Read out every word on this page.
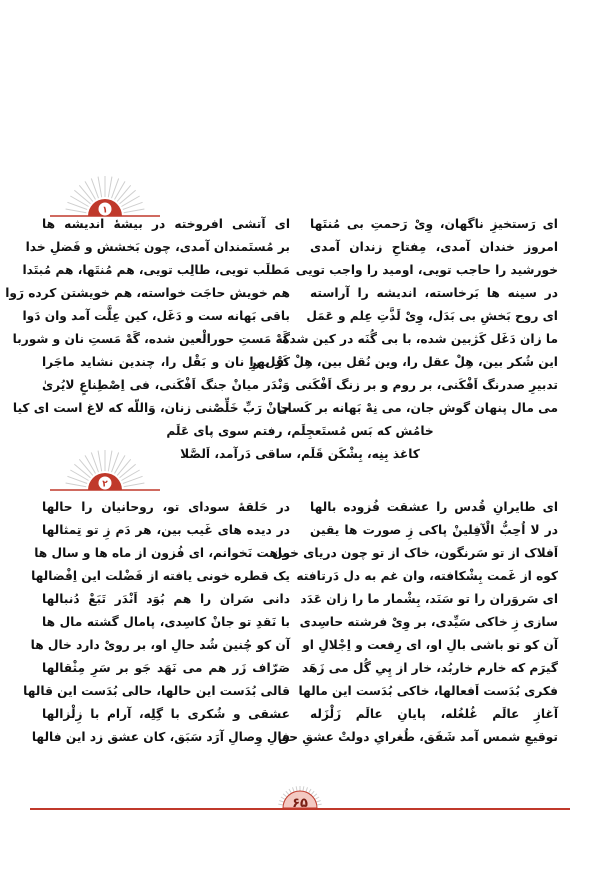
١
ای رَستخیزِ ناگهان، وِیْ رَحمتِ بی مُنتَها
امروز خندان آمدی، مِفتاحِ زندان آمدی
خورشید را حاجب تویی، اومید را واجب تویی
در سینه ها بَرخاسته، اندیشه را آراسته
ای روح بَخشِ بی بَدَل، وِیْ لَذَّتِ عِلم و عَمَل
ما زان دَغَل کَژبین شده، با بی گُنَه در کین شده
این شُکر بین، هِلْ عقل را، وین نُقل بین، هِلْ نَقل را
تدبیرِ صدرنگ اَفْکَنی، بر روم و بر زنگ اَفْکَنی
می مال پنهان گوش جان، می نِهْ بَهانه بر کَسان
ای آتشی افروخته در بیشهٔ اندیشه ها
بر مُستَمندان آمدی، چون بَخشش و فَضلِ خدا
مَطلَب تویی، طالِب تویی، هم مُنتَها، هم مُبتَدا
هم خویش حاجَت خواسته، هم خویشتن کرده رَوا
باقی بَهانه ست و دَغَل، کین عِلَّت آمد وان دَوا
گَهْ مَستِ حورالْعین شده، گَهْ مَستِ نان و شوربا
کَزْ بهرِ نان و بَقْل را، چندین نشاید ماجَرا
وَنْدَر میانْ جنگ اَفْکَنی، فی اِصْطِناعٍ لایُریٰ
جانْ رَبِّ خَلِّصْنی زنان، وَاللّه که لاغ است ای کیا
خامُش که بَس مُستَعجِلَم، رفتم سوی پای عَلَم
کاغذ بِنِه، بِشْکَن قَلَم، ساقی دَرآمد، اَلصَّلا
٢
ای طایرانِ قُدس را عشقت فُزوده بالها
در لا اُحِبُّ الْآفِلینْ پاکی زِ صورت ها یقین
اَفلاک از تو سَرنگون، خاک از تو چون دریای خون
کوه از غَمت بِشْکافته، وان غم به دل دَرتافته
ای سَروَران را تو سَنَد، بِشْمار ما را زان عَدَد
سازی زِ خاکی سَیِّدی، بر وِیْ فرشته حاسِدی
آن کو تو باشی بالِ او، ای رِفعت و اِجْلالِ او
گیرَم که خارم خاربُد، خار از پِیِ گُل می زَهَد
فکری بُدَست اَفعالها، خاکی بُدَست این مالها
آغازِ عالَم غُلغُله، پایانِ عالَم زَلْزَله
توقیعِ شمس آمد شَفَق، طُغرایِ دولتْ عشقِ حق
در حَلقهٔ سودای تو، روحانیان را حالها
در دیده های غَیب بین، هر دَم زِ تو تِمثالها
ماهت نَخوانم، ای فُزون از ماه ها و سال ها
یک قطره خونی یافته از فَضْلت این اِفْضالها
دانی سَران را هم بُوَد اَنْدَر تَبَعْ دُنبالها
با نَقدِ تو جانْ کاسِدی، پامال گشته مال ها
آن کو چُنین شُد حالِ او، بر رویْ دارد خال ها
صَرّاف زَر هم می نَهَد جَو بر سَرِ مِثْقالها
قالی بُدَست این حالها، حالی بُدَست این قالها
عشقی و شُکری با گِلِه، آرام با زِلْزالها
فالِ وِصالِ آرَد سَبَق، کان عشق زد این فالها
۶۵
